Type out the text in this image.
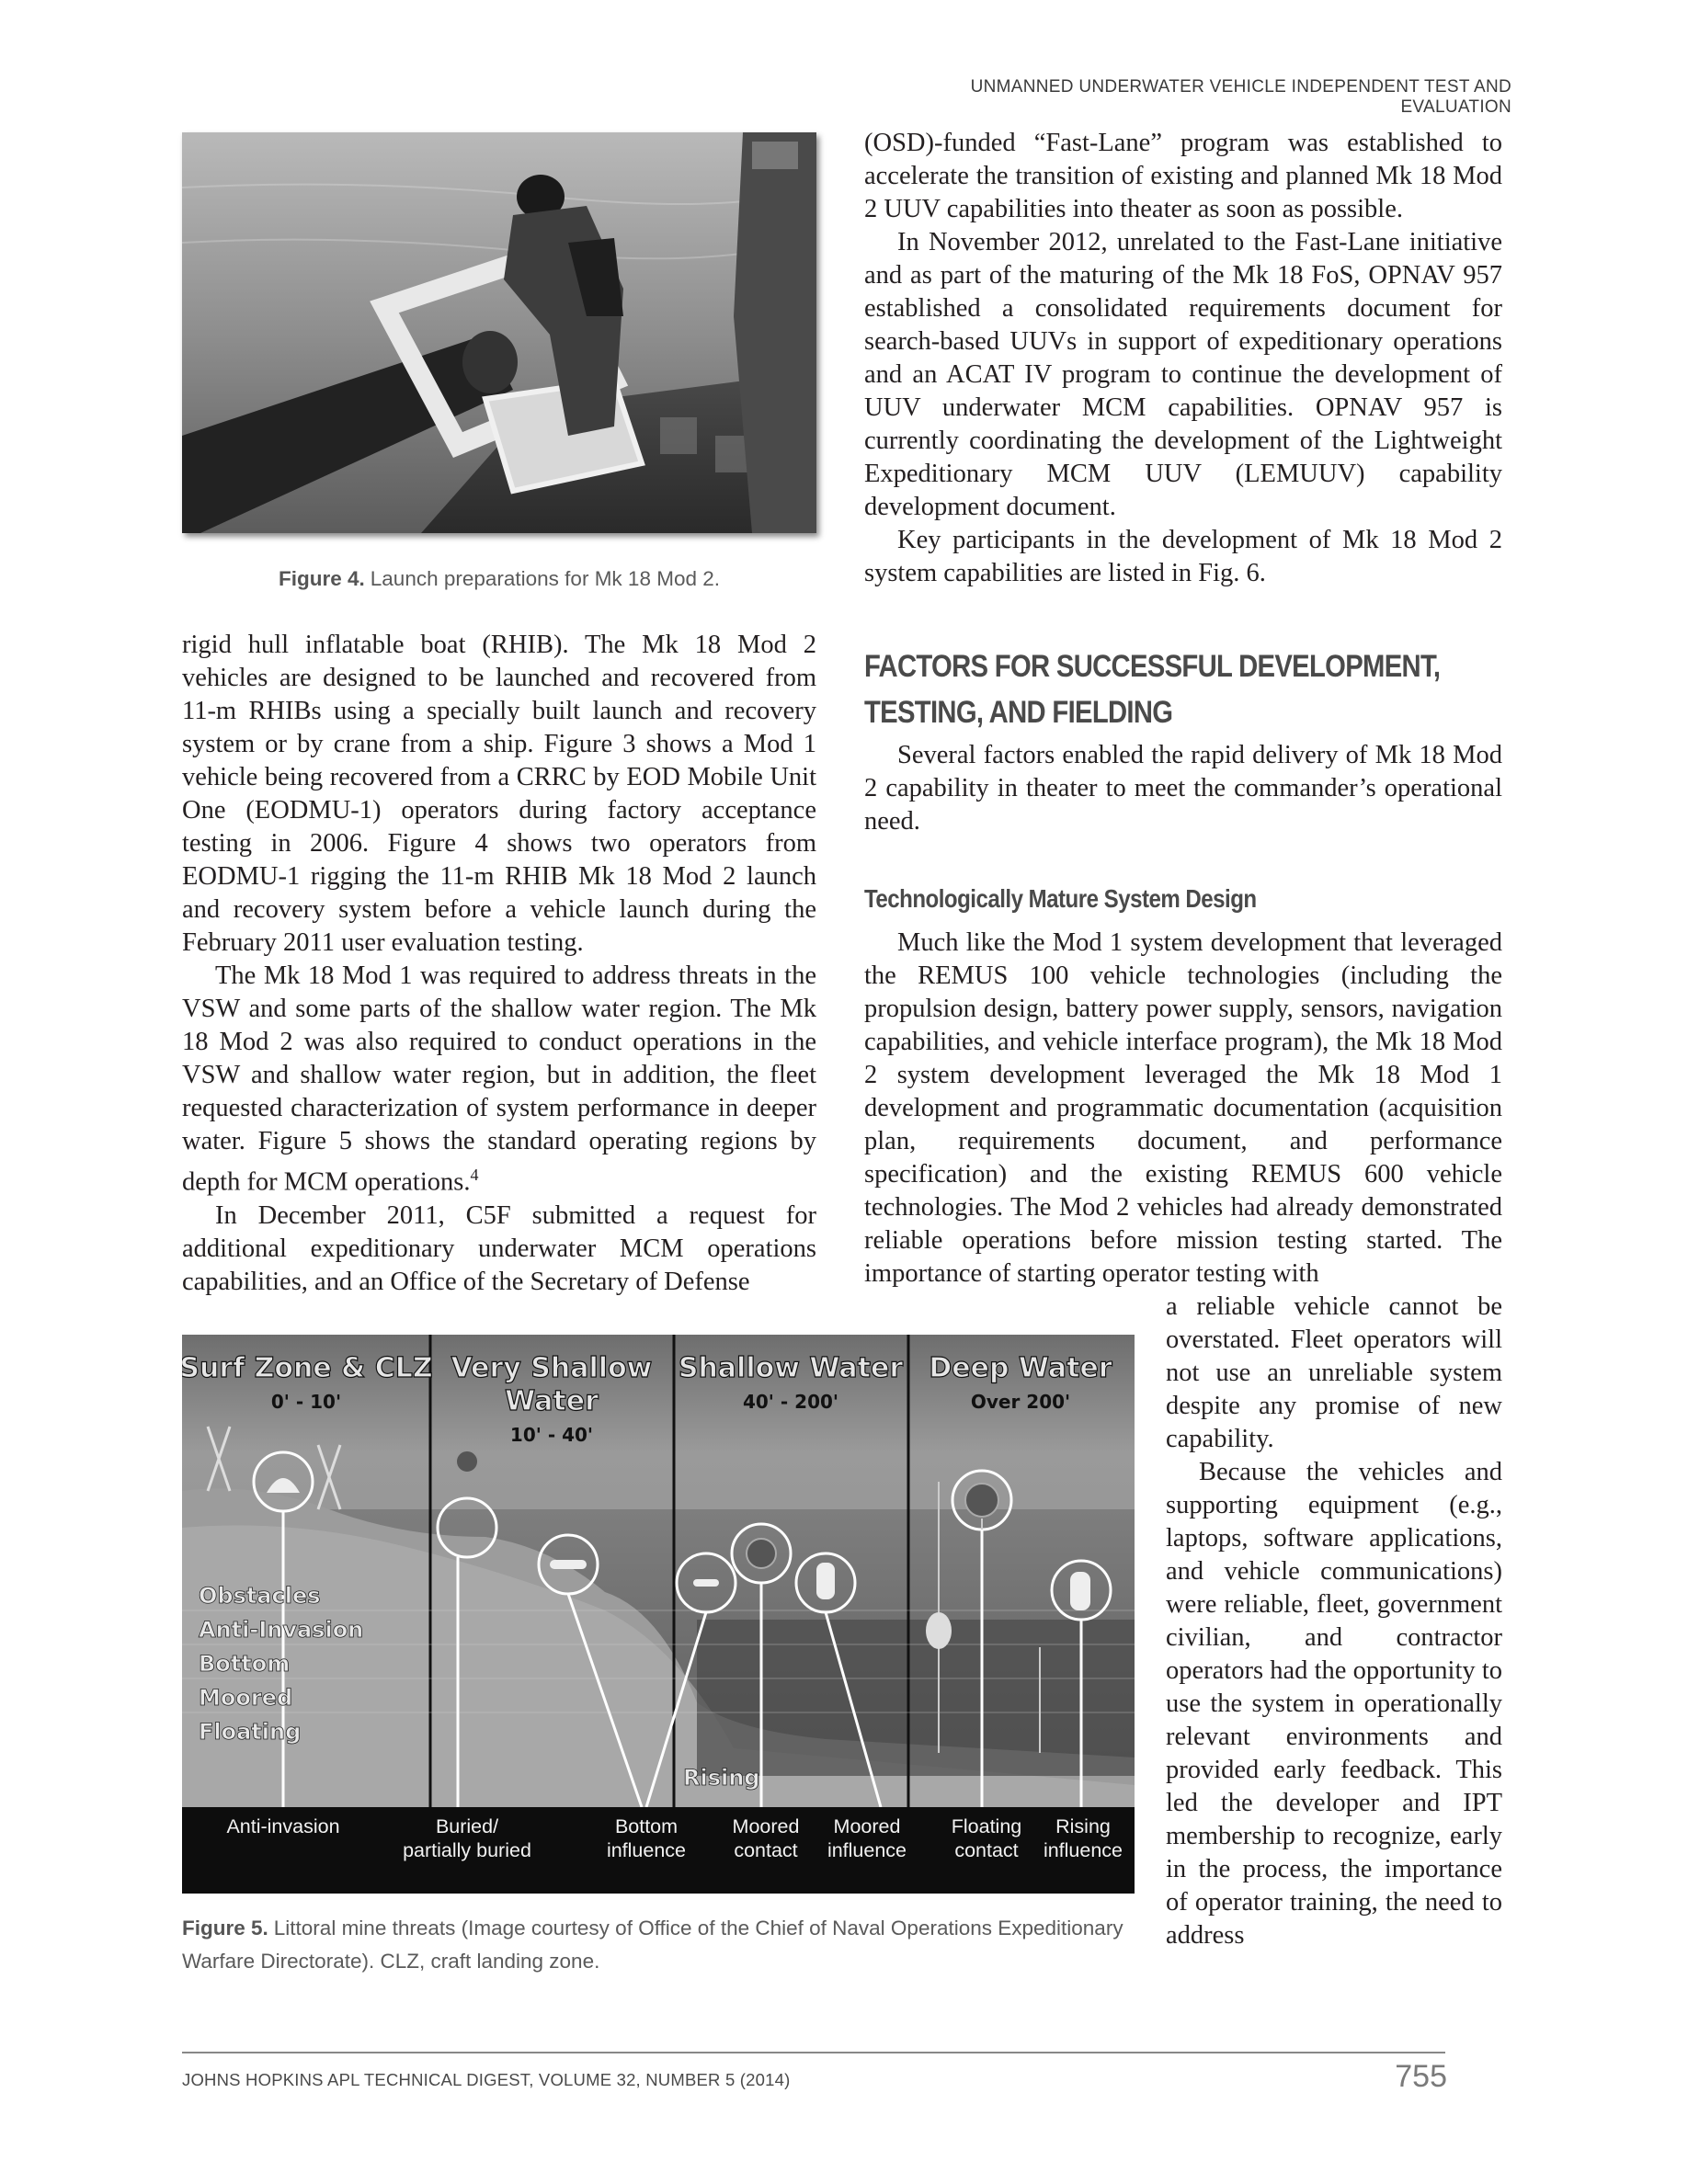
UNMANNED UNDERWATER VEHICLE INDEPENDENT TEST AND EVALUATION
Figure 4. Launch preparations for Mk 18 Mod 2.

rigid hull inflatable boat (RHIB). The Mk 18 Mod 2 vehicles are designed to be launched and recovered from 11-m RHIBs using a specially built launch and recovery system or by crane from a ship. Figure 3 shows a Mod 1 vehicle being recovered from a CRRC by EOD Mobile Unit One (EODMU-1) operators during factory acceptance testing in 2006. Figure 4 shows two operators from EODMU-1 rigging the 11-m RHIB Mk 18 Mod 2 launch and recovery system before a vehicle launch during the February 2011 user evaluation testing.

The Mk 18 Mod 1 was required to address threats in the VSW and some parts of the shallow water region. The Mk 18 Mod 2 was also required to conduct operations in the VSW and shallow water region, but in addition, the fleet requested characterization of system performance in deeper water. Figure 5 shows the standard operating regions by depth for MCM operations.$^4$

In December 2011, C5F submitted a request for additional expeditionary underwater MCM operations capabilities, and an Office of the Secretary of Defense

(OSD)-funded “Fast-Lane” program was established to accelerate the transition of existing and planned Mk 18 Mod 2 UUV capabilities into theater as soon as possible.

In November 2012, unrelated to the Fast-Lane initiative and as part of the maturing of the Mk 18 FoS, OPNAV 957 established a consolidated requirements document for search-based UUVs in support of expeditionary operations and an ACAT IV program to continue the development of UUV underwater MCM capabilities. OPNAV 957 is currently coordinating the development of the Lightweight Expeditionary MCM UUV (LEMUUV) capability development document.

Key participants in the development of Mk 18 Mod 2 system capabilities are listed in Fig. 6.

FACTORS FOR SUCCESSFUL DEVELOPMENT, TESTING, AND FIELDING

Several factors enabled the rapid delivery of Mk 18 Mod 2 capability in theater to meet the commander’s operational need.

Technologically Mature System Design

Much like the Mod 1 system development that leveraged the REMUS 100 vehicle technologies (including the propulsion design, battery power supply, sensors, navigation capabilities, and vehicle interface program), the Mk 18 Mod 2 system development leveraged the Mk 18 Mod 1 development and programmatic documentation (acquisition plan, requirements document, and performance specification) and the existing REMUS 600 vehicle technologies. The Mod 2 vehicles had already demonstrated reliable operations before mission testing started. The importance of starting operator testing with

a reliable vehicle cannot be overstated. Fleet operators will not use an unreliable system despite any promise of new capability.

Because the vehicles and supporting equipment (e.g., laptops, software applications, and vehicle communications) were reliable, fleet, government civilian, and contractor operators had the opportunity to use the system in operationally relevant environments and provided early feedback. This led the developer and IPT membership to recognize, early in the process, the importance of operator training, the need to address

Surf Zone & CLZ
0' - 10'
Very Shallow
Water
10' - 40'
Shallow Water
40' - 200'
Deep Water
Over 200'
Obstacles
Anti-Invasion
Bottom
Moored
Floating
Rising
Anti-invasion	Buried/
partially buried
Bottom
influence
Moored
contact
Moored
influence
Floating
contact
Rising
influence
Figure 5. Littoral mine threats (Image courtesy of Office of the Chief of Naval Operations Expeditionary Warfare Directorate). CLZ, craft landing zone.
JOHNS HOPKINS APL TECHNICAL DIGEST, VOLUME 32, NUMBER 5 (2014)	755
